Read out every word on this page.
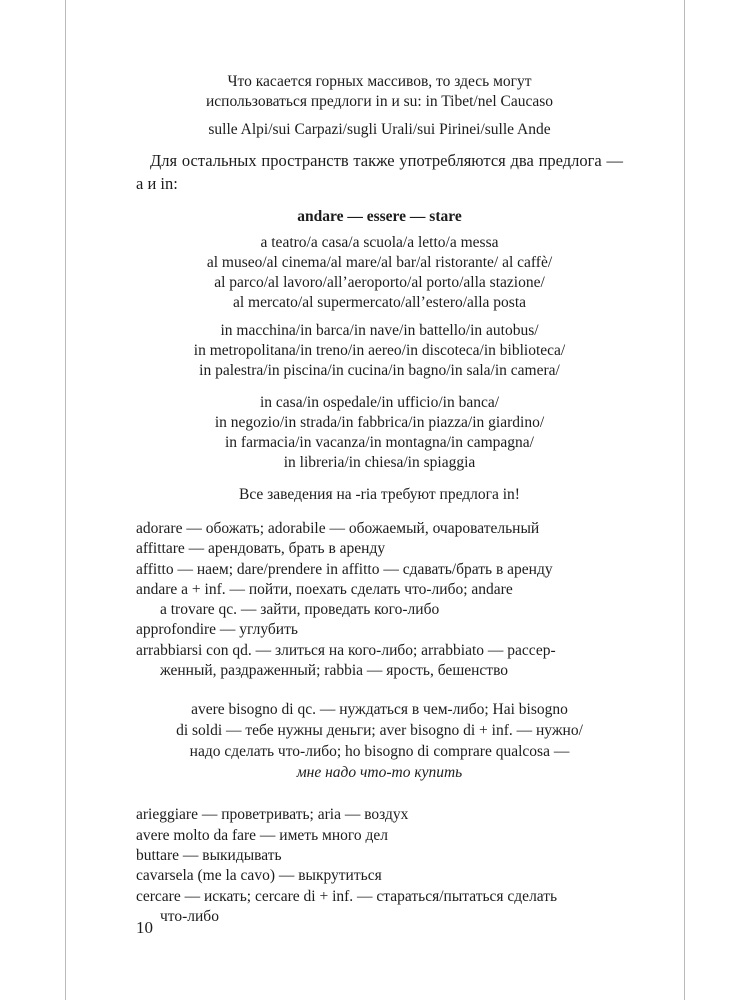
Что касается горных массивов, то здесь могут
использоваться предлоги in и su: in Tibet/nel Caucaso
sulle Alpi/sui Carpazi/sugli Urali/sui Pirinei/sulle Ande
Для остальных пространств также употребляются два предлога — a и in:
andare — essere — stare
a teatro/a casa/a scuola/a letto/a messa
al museo/al cinema/al mare/al bar/al ristorante/ al caffè/
al parco/al lavoro/all’aeroporto/al porto/alla stazione/
al mercato/al supermercato/all’estero/alla posta
in macchina/in barca/in nave/in battello/in autobus/
in metropolitana/in treno/in aereo/in discoteca/in biblioteca/
in palestra/in piscina/in cucina/in bagno/in sala/in camera/
in casa/in ospedale/in ufficio/in banca/
in negozio/in strada/in fabbrica/in piazza/in giardino/
in farmacia/in vacanza/in montagna/in campagna/
in libreria/in chiesa/in spiaggia
Все заведения на -ria требуют предлога in!
adorare — обожать; adorabile — обожаемый, очаровательный
affittare — арендовать, брать в аренду
affitto — наем; dare/prendere in affitto — сдавать/брать в аренду
andare a + inf. — пойти, поехать сделать что-либо; andare
a trovare qc. — зайти, проведать кого-либо
approfondire — углубить
arrabbiarsi con qd. — злиться на кого-либо; arrabbiato — рассер-
женный, раздраженный; rabbia — ярость, бешенство
avere bisogno di qc. — нуждаться в чем-либо; Hai bisogno
di soldi — тебе нужны деньги; aver bisogno di + inf. — нужно/
надо сделать что-либо; ho bisogno di comprare qualcosa —
мне надо что-то купить
arieggiare — проветривать; aria — воздух
avere molto da fare — иметь много дел
buttare — выкидывать
cavarsela (me la cavo) — выкрутиться
cercare — искать; cercare di + inf. — стараться/пытаться сделать
что-либо
10
